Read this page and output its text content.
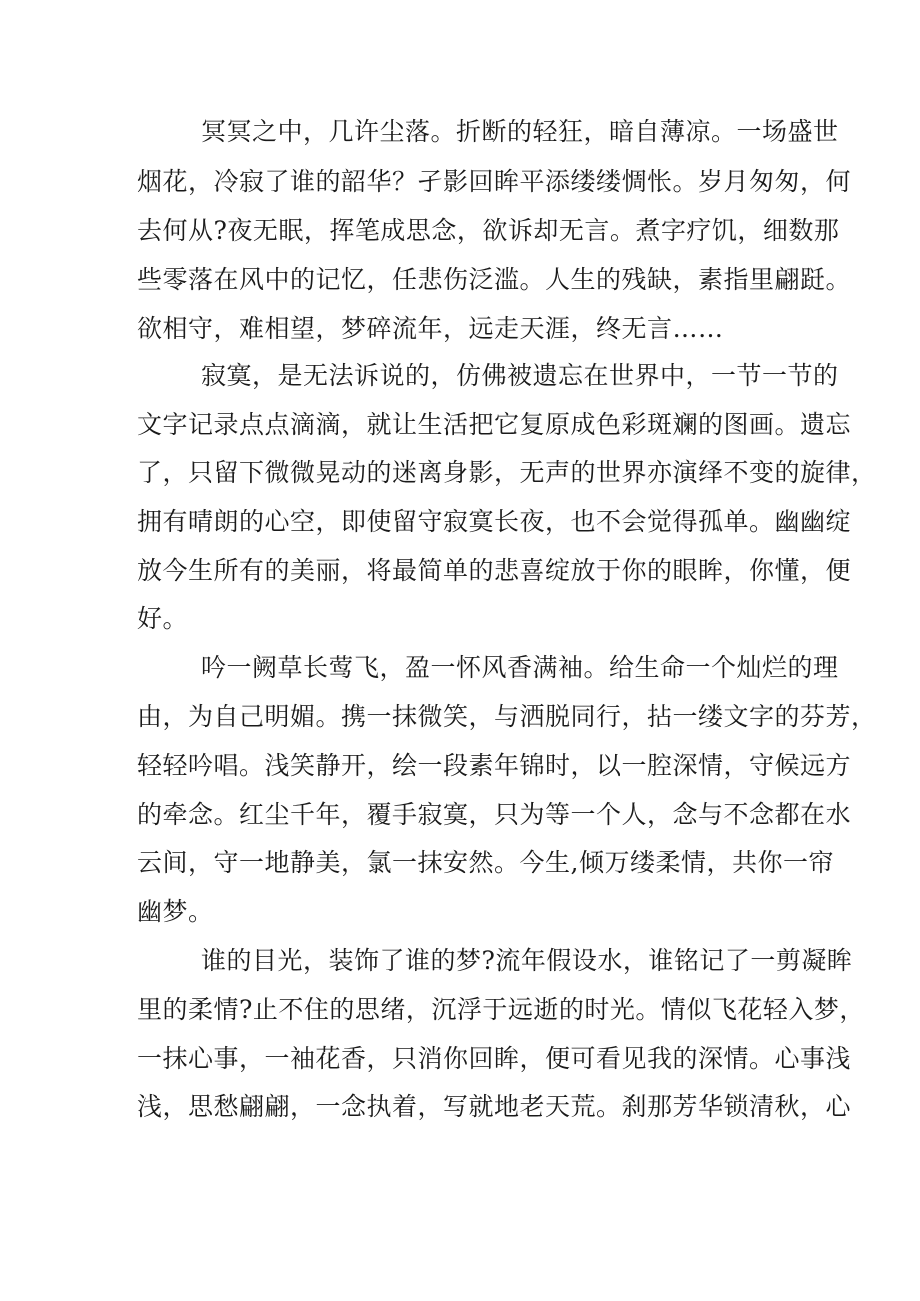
冥冥之中，几许尘落。折断的轻狂，暗自薄凉。一场盛世
烟花，冷寂了谁的韶华？孑影回眸平添缕缕惆怅。岁月匆匆，何
去何从?夜无眠，挥笔成思念，欲诉却无言。煮字疗饥，细数那
些零落在风中的记忆，任悲伤泛滥。人生的残缺，素指里翩跹。
欲相守，难相望，梦碎流年，远走天涯，终无言……
寂寞，是无法诉说的，仿佛被遗忘在世界中，一节一节的
文字记录点点滴滴，就让生活把它复原成色彩斑斓的图画。遗忘
了，只留下微微晃动的迷离身影，无声的世界亦演绎不变的旋律，
拥有晴朗的心空，即使留守寂寞长夜，也不会觉得孤单。幽幽绽
放今生所有的美丽，将最简单的悲喜绽放于你的眼眸，你懂，便
好。
吟一阙草长莺飞，盈一怀风香满袖。给生命一个灿烂的理
由，为自己明媚。携一抹微笑，与洒脱同行，拈一缕文字的芬芳，
轻轻吟唱。浅笑静开，绘一段素年锦时，以一腔深情，守候远方
的牵念。红尘千年，覆手寂寞，只为等一个人，念与不念都在水
云间，守一地静美，氯一抹安然。今生,倾万缕柔情，共你一帘
幽梦。
谁的目光，装饰了谁的梦?流年假设水，谁铭记了一剪凝眸
里的柔情?止不住的思绪，沉浮于远逝的时光。情似飞花轻入梦，
一抹心事，一袖花香，只消你回眸，便可看见我的深情。心事浅
浅，思愁翩翩，一念执着，写就地老天荒。刹那芳华锁清秋，心
